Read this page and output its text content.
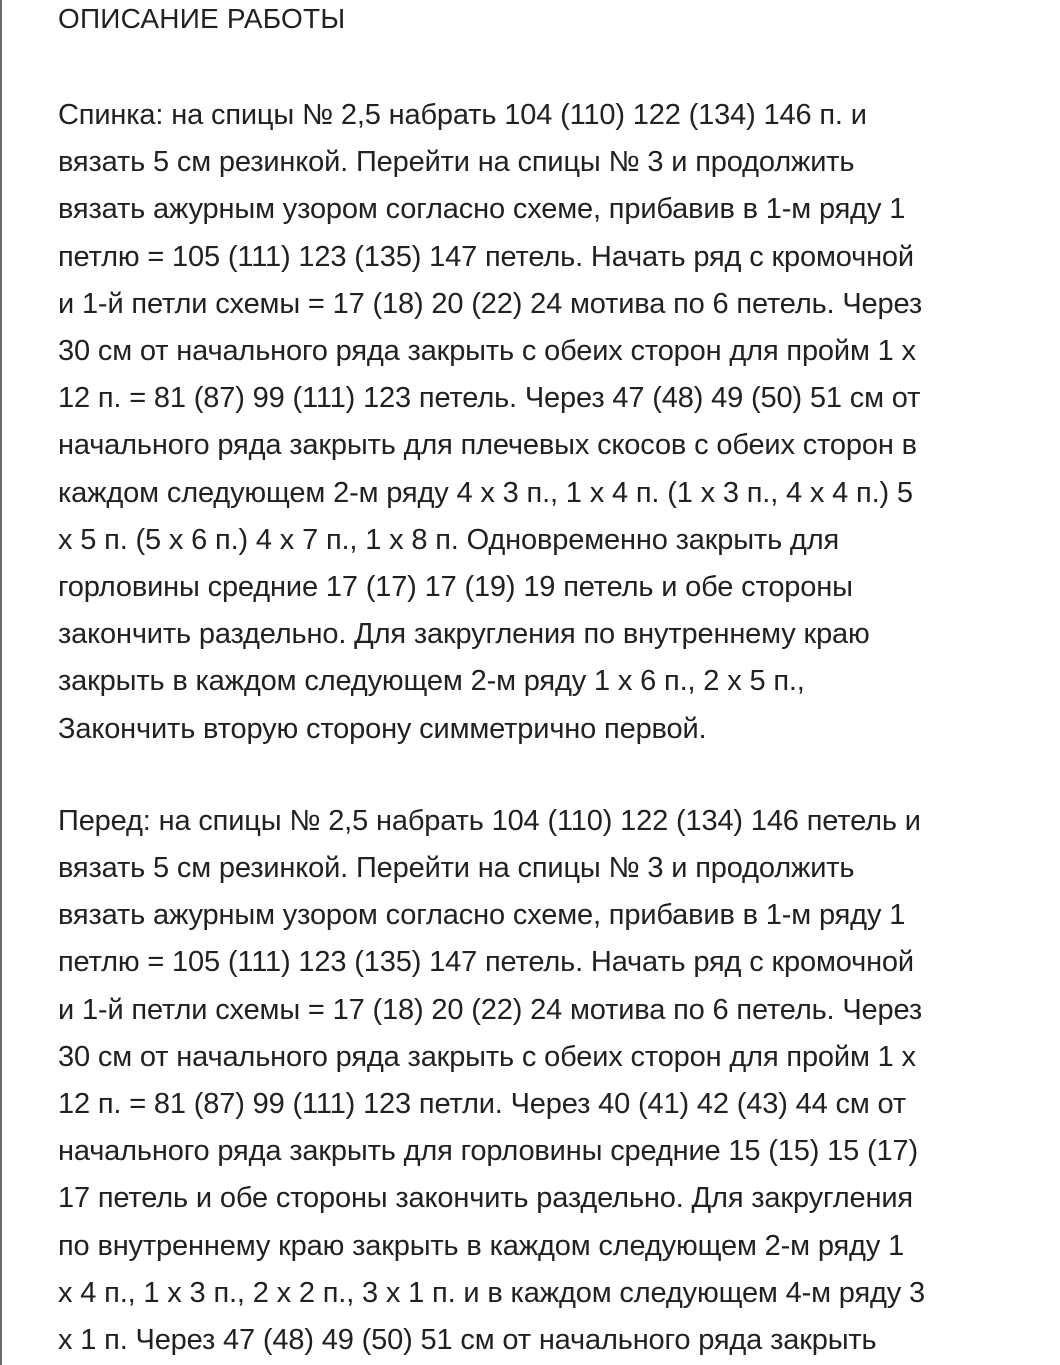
ОПИСАНИЕ РАБОТЫ

Спинка: на спицы № 2,5 набрать 104 (110) 122 (134) 146 п. и
вязать 5 см резинкой. Перейти на спицы № 3 и продолжить
вязать ажурным узором согласно схеме, прибавив в 1-м ряду 1
петлю = 105 (111) 123 (135) 147 петель. Начать ряд с кромочной
и 1-й петли схемы = 17 (18) 20 (22) 24 мотива по 6 петель. Через
30 см от начального ряда закрыть с обеих сторон для пройм 1 х
12 п. = 81 (87) 99 (111) 123 петель. Через 47 (48) 49 (50) 51 см от
начального ряда закрыть для плечевых скосов с обеих сторон в
каждом следующем 2-м ряду 4 х 3 п., 1 х 4 п. (1 х 3 п., 4 х 4 п.) 5
х 5 п. (5 х 6 п.) 4 х 7 п., 1 х 8 п. Одновременно закрыть для
горловины средние 17 (17) 17 (19) 19 петель и обе стороны
закончить раздельно. Для закругления по внутреннему краю
закрыть в каждом следующем 2-м ряду 1 х 6 п., 2 х 5 п.,
Закончить вторую сторону симметрично первой.

Перед: на спицы № 2,5 набрать 104 (110) 122 (134) 146 петель и
вязать 5 см резинкой. Перейти на спицы № 3 и продолжить
вязать ажурным узором согласно схеме, прибавив в 1-м ряду 1
петлю = 105 (111) 123 (135) 147 петель. Начать ряд с кромочной
и 1-й петли схемы = 17 (18) 20 (22) 24 мотива по 6 петель. Через
30 см от начального ряда закрыть с обеих сторон для пройм 1 х
12 п. = 81 (87) 99 (111) 123 петли. Через 40 (41) 42 (43) 44 см от
начального ряда закрыть для горловины средние 15 (15) 15 (17)
17 петель и обе стороны закончить раздельно. Для закругления
по внутреннему краю закрыть в каждом следующем 2-м ряду 1
х 4 п., 1 х 3 п., 2 х 2 п., 3 х 1 п. и в каждом следующем 4-м ряду 3
х 1 п. Через 47 (48) 49 (50) 51 см от начального ряда закрыть
